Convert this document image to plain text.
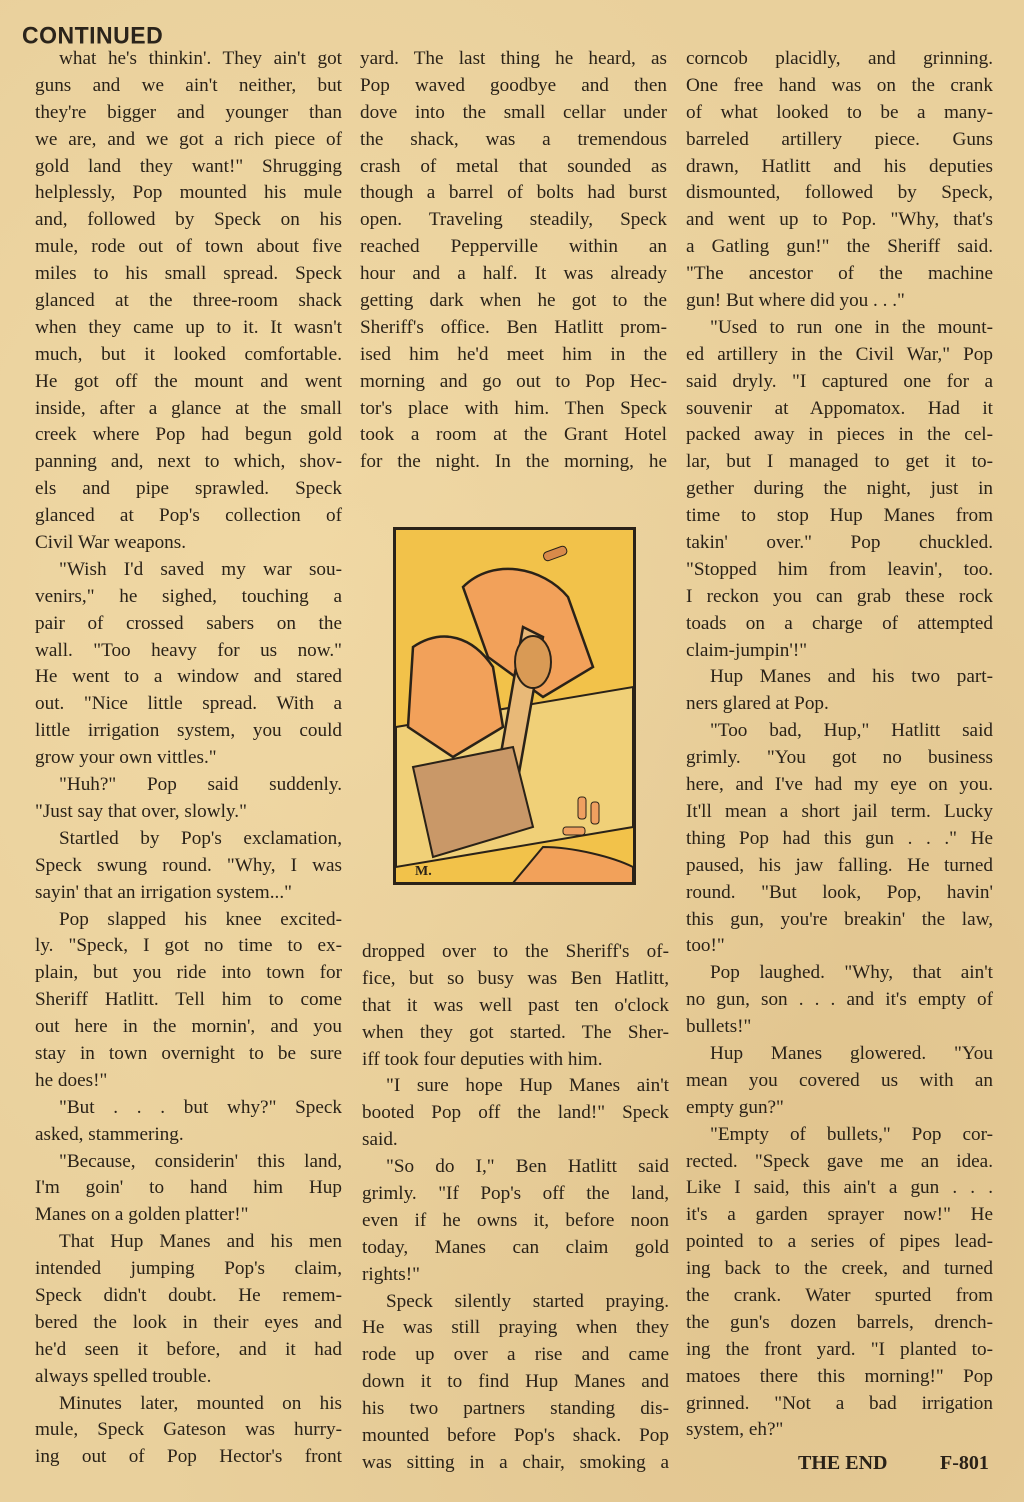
CONTINUED
what he's thinkin'. They ain't got
guns and we ain't neither, but
they're bigger and younger than
we are, and we got a rich piece of
gold land they want!" Shrugging
helplessly, Pop mounted his mule
and, followed by Speck on his
mule, rode out of town about five
miles to his small spread. Speck
glanced at the three-room shack
when they came up to it. It wasn't
much, but it looked comfortable.
He got off the mount and went
inside, after a glance at the small
creek where Pop had begun gold
panning and, next to which, shov-
els and pipe sprawled. Speck
glanced at Pop's collection of
Civil War weapons.
"Wish I'd saved my war sou-
venirs," he sighed, touching a
pair of crossed sabers on the
wall. "Too heavy for us now."
He went to a window and stared
out. "Nice little spread. With a
little irrigation system, you could
grow your own vittles."
"Huh?" Pop said suddenly.
"Just say that over, slowly."
Startled by Pop's exclamation,
Speck swung round. "Why, I was
sayin' that an irrigation system..."
Pop slapped his knee excited-
ly. "Speck, I got no time to ex-
plain, but you ride into town for
Sheriff Hatlitt. Tell him to come
out here in the mornin', and you
stay in town overnight to be sure
he does!"
"But . . . but why?" Speck
asked, stammering.
"Because, considerin' this land,
I'm goin' to hand him Hup
Manes on a golden platter!"
That Hup Manes and his men
intended jumping Pop's claim,
Speck didn't doubt. He remem-
bered the look in their eyes and
he'd seen it before, and it had
always spelled trouble.
Minutes later, mounted on his
mule, Speck Gateson was hurry-
ing out of Pop Hector's front
yard. The last thing he heard, as
Pop waved goodbye and then
dove into the small cellar under
the shack, was a tremendous
crash of metal that sounded as
though a barrel of bolts had burst
open. Traveling steadily, Speck
reached Pepperville within an
hour and a half. It was already
getting dark when he got to the
Sheriff's office. Ben Hatlitt prom-
ised him he'd meet him in the
morning and go out to Pop Hec-
tor's place with him. Then Speck
took a room at the Grant Hotel
for the night. In the morning, he
M.
dropped over to the Sheriff's of-
fice, but so busy was Ben Hatlitt,
that it was well past ten o'clock
when they got started. The Sher-
iff took four deputies with him.
"I sure hope Hup Manes ain't
booted Pop off the land!" Speck
said.
"So do I," Ben Hatlitt said
grimly. "If Pop's off the land,
even if he owns it, before noon
today, Manes can claim gold
rights!"
Speck silently started praying.
He was still praying when they
rode up over a rise and came
down it to find Hup Manes and
his two partners standing dis-
mounted before Pop's shack. Pop
was sitting in a chair, smoking a
corncob placidly, and grinning.
One free hand was on the crank
of what looked to be a many-
barreled artillery piece. Guns
drawn, Hatlitt and his deputies
dismounted, followed by Speck,
and went up to Pop. "Why, that's
a Gatling gun!" the Sheriff said.
"The ancestor of the machine
gun! But where did you . . ."
"Used to run one in the mount-
ed artillery in the Civil War," Pop
said dryly. "I captured one for a
souvenir at Appomatox. Had it
packed away in pieces in the cel-
lar, but I managed to get it to-
gether during the night, just in
time to stop Hup Manes from
takin' over." Pop chuckled.
"Stopped him from leavin', too.
I reckon you can grab these rock
toads on a charge of attempted
claim-jumpin'!"
Hup Manes and his two part-
ners glared at Pop.
"Too bad, Hup," Hatlitt said
grimly. "You got no business
here, and I've had my eye on you.
It'll mean a short jail term. Lucky
thing Pop had this gun . . ." He
paused, his jaw falling. He turned
round. "But look, Pop, havin'
this gun, you're breakin' the law,
too!"
Pop laughed. "Why, that ain't
no gun, son . . . and it's empty of
bullets!"
Hup Manes glowered. "You
mean you covered us with an
empty gun?"
"Empty of bullets," Pop cor-
rected. "Speck gave me an idea.
Like I said, this ain't a gun . . .
it's a garden sprayer now!" He
pointed to a series of pipes lead-
ing back to the creek, and turned
the crank. Water spurted from
the gun's dozen barrels, drench-
ing the front yard. "I planted to-
matoes there this morning!" Pop
grinned. "Not a bad irrigation
system, eh?"
THE END	F-801
